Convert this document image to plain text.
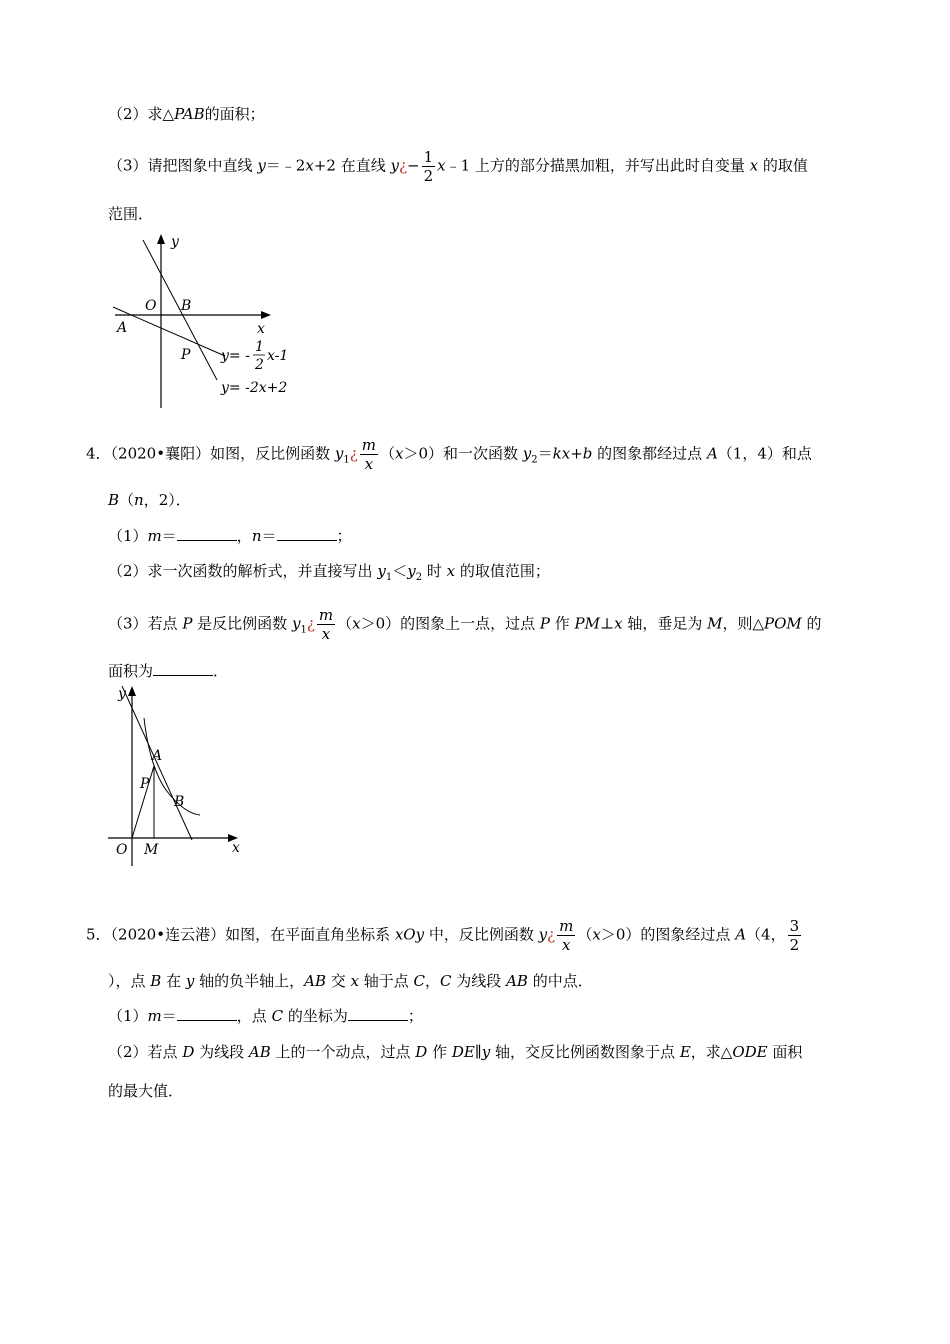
（2）求△PAB的面积；
（3）请把图象中直线 y＝﹣2x+2 在直线 y¿− $\frac{1}{2}$ x﹣1 上方的部分描黑加粗，并写出此时自变量 x 的取值
范围．
y
O B
A	x
P y= -
1
2
x-1
y= -2x+2
4．（2020•襄阳）如图，反比例函数 $y_1¿ \frac{m}{x} (x>0)$和一次函数 $y_2=kx+b$ 的图象都经过点 A（1，4）和点
B（n，2）．
（1）m＝	，n＝	；
（2）求一次函数的解析式，并直接写出 $y_1<y_2$ 时 x 的取值范围；
（3）若点 P 是反比例函数 $y_1¿ \frac{m}{x} (x>0)$的图象上一点，过点 P 作 PM⊥x 轴，垂足为 M，则△POM 的
面积为	．
y
A
P
B
O M	x
5．（2020•连云港）如图，在平面直角坐标系 xOy 中，反比例函数 y¿ $\frac{m}{x} (x>0)$的图象经过点 A（4， $\frac{3}{2}$
），点 B 在 y 轴的负半轴上，AB 交 x 轴于点 C，C 为线段 AB 的中点．
（1）m＝	，点 C 的坐标为	；
（2）若点 D 为线段 AB 上的一个动点，过点 D 作 DE∥y 轴，交反比例函数图象于点 E，求△ODE 面积
的最大值．
